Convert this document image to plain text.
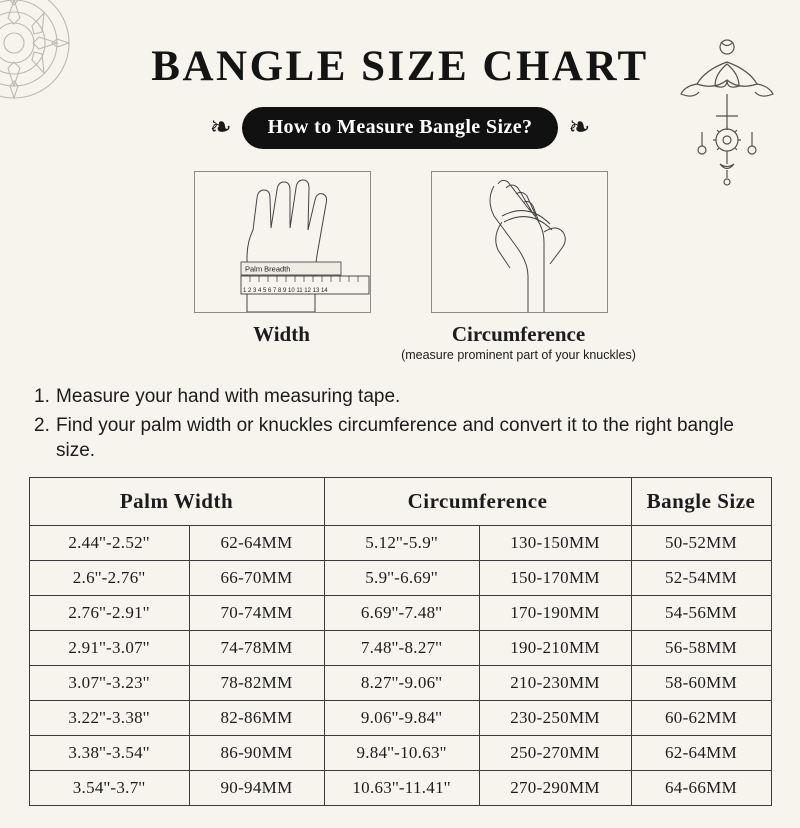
BANGLE SIZE CHART
❧	How to Measure Bangle Size?	❧
1 2 3 4 5 6 7 8 9 10 11 12 13 14
Palm Breadth
Width	Circumference
(measure prominent part of your knuckles)
1. Measure your hand with measuring tape.
2. Find your palm width or knuckles circumference and convert it to the right bangle size.
Palm Width		Circumference		Bangle Size
2.44''-2.52''	62-64MM	5.12''-5.9''	130-150MM	50-52MM
2.6''-2.76''	66-70MM	5.9''-6.69''	150-170MM	52-54MM
2.76''-2.91''	70-74MM	6.69''-7.48''	170-190MM	54-56MM
2.91''-3.07''	74-78MM	7.48''-8.27''	190-210MM	56-58MM
3.07''-3.23''	78-82MM	8.27''-9.06''	210-230MM	58-60MM
3.22''-3.38''	82-86MM	9.06''-9.84''	230-250MM	60-62MM
3.38''-3.54''	86-90MM	9.84''-10.63''	250-270MM	62-64MM
3.54''-3.7''	90-94MM	10.63''-11.41''	270-290MM	64-66MM
